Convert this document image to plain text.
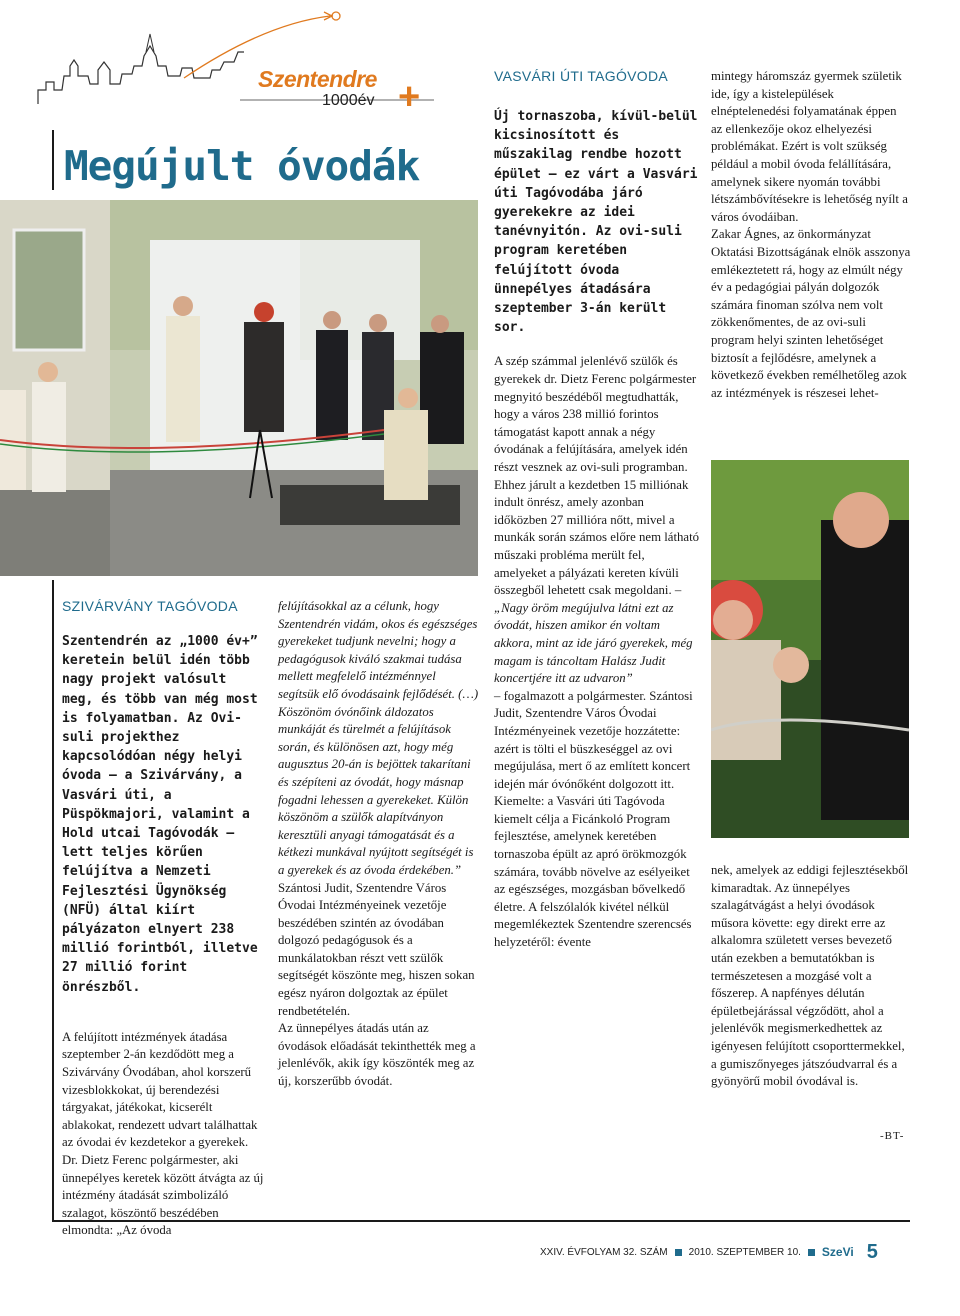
Szentendre
1000év +
Megújult óvodák
SZIVÁRVÁNY TAGÓVODA

Szentendrén az „1000 év+” keretein belül idén több nagy projekt valósult meg, és több van még most is folyamatban. Az Ovi-suli projekthez kapcsolódóan négy helyi óvoda – a Szivárvány, a Vasvári úti, a Püspökmajori, valamint a Hold utcai Tagóvodák – lett teljes körűen felújítva a Nemzeti Fejlesztési Ügynökség (NFÜ) által kiírt pályázaton elnyert 238 millió forintból, illetve 27 millió forint önrészből.

A felújított intézmények átadása szeptember 2-án kezdődött meg a Szivárvány Óvodában, ahol korszerű vizesblokkokat, új berendezési tárgyakat, játékokat, kicserélt ablakokat, rendezett udvart találhattak az óvodai év kezdetekor a gyerekek.

Dr. Dietz Ferenc polgármester, aki ünnepélyes keretek között átvágta az új intézmény átadását szimbolizáló szalagot, köszöntő beszédében elmondta: „Az óvoda

felújításokkal az a célunk, hogy Szentendrén vidám, okos és egészséges gyerekeket tudjunk nevelni; hogy a pedagógusok kiváló szakmai tudása mellett megfelelő intézménnyel segítsük elő óvodásaink fejlődését. (…) Köszönöm óvónőink áldozatos munkáját és türelmét a felújítások során, és különösen azt, hogy még augusztus 20-án is bejöttek takarítani és szépíteni az óvodát, hogy másnap fogadni lehessen a gyerekeket. Külön köszönöm a szülők alapítványon keresztüli anyagi támogatását és a kétkezi munkával nyújtott segítségét is a gyerekek és az óvoda érdekében.”

Szántosi Judit, Szentendre Város Óvodai Intézményeinek vezetője beszédében szintén az óvodában dolgozó pedagógusok és a munkálatokban részt vett szülők segítségét köszönte meg, hiszen sokan egész nyáron dolgoztak az épület rendbetételén.

Az ünnepélyes átadás után az óvodások előadását tekinthették meg a jelenlévők, akik így köszönték meg az új, korszerűbb óvodát.

VASVÁRI ÚTI TAGÓVODA

Új tornaszoba, kívül-belül kicsinosított és műszakilag rendbe hozott épület – ez várt a Vasvári úti Tagóvodába járó gyerekekre az idei tanévnyitón. Az ovi-suli program keretében felújított óvoda ünnepélyes átadására szeptember 3-án került sor.

A szép számmal jelenlévő szülők és gyerekek dr. Dietz Ferenc polgármester megnyitó beszédéből megtudhatták, hogy a város 238 millió forintos támogatást kapott annak a négy óvodának a felújítására, amelyek idén részt vesznek az ovi-suli programban. Ehhez járult a kezdetben 15 milliónak indult önrész, amely azonban időközben 27 millióra nőtt, mivel a munkák során számos előre nem látható műszaki probléma merült fel, amelyeket a pályázati kereten kívüli összegből lehetett csak megoldani. –

„Nagy öröm megújulva látni ezt az óvodát, hiszen amikor én voltam akkora, mint az ide járó gyerekek, még magam is táncoltam Halász Judit koncertjére itt az udvaron”

– fogalmazott a polgármester. Szántosi Judit, Szentendre Város Óvodai Intézményeinek vezetője hozzátette: azért is tölti el büszkeséggel az ovi megújulása, mert ő az említett koncert idején már óvónőként dolgozott itt. Kiemelte: a Vasvári úti Tagóvoda kiemelt célja a Ficánkoló Program fejlesztése, amelynek keretében tornaszoba épült az apró örökmozgók számára, tovább növelve az esélyeiket az egészséges, mozgásban bővelkedő életre. A felszólalók kivétel nélkül megemlékeztek Szentendre szerencsés helyzetéről: évente

mintegy háromszáz gyermek születik ide, így a kistelepülések elnéptelenedési folyamatának éppen az ellenkezője okoz elhelyezési problémákat. Ezért is volt szükség például a mobil óvoda felállítására, amelynek sikere nyomán további létszámbővítésekre is lehetőség nyílt a város óvodáiban.

Zakar Ágnes, az önkormányzat Oktatási Bizottságának elnök asszonya emlékeztetett rá, hogy az elmúlt négy év a pedagógiai pályán dolgozók számára finoman szólva nem volt zökkenőmentes, de az ovi-suli program helyi szinten lehetőséget biztosít a fejlődésre, amelynek a következő években remélhetőleg azok az intézmények is részesei lehet-

nek, amelyek az eddigi fejlesztésekből kimaradtak. Az ünnepélyes szalagátvágást a helyi óvodások műsora követte: egy direkt erre az alkalomra született verses bevezető után ezekben a bemutatókban is természetesen a mozgásé volt a főszerep. A napfényes délután épületbejárással végződött, ahol a jelenlévők megismerkedhettek az igényesen felújított csoporttermekkel, a gumiszőnyeges játszóudvarral és a gyönyörű mobil óvodával is.

-BT-
XXIV. ÉVFOLYAM 32. SZÁM 2010. SZEPTEMBER 10. SzeVi 5
